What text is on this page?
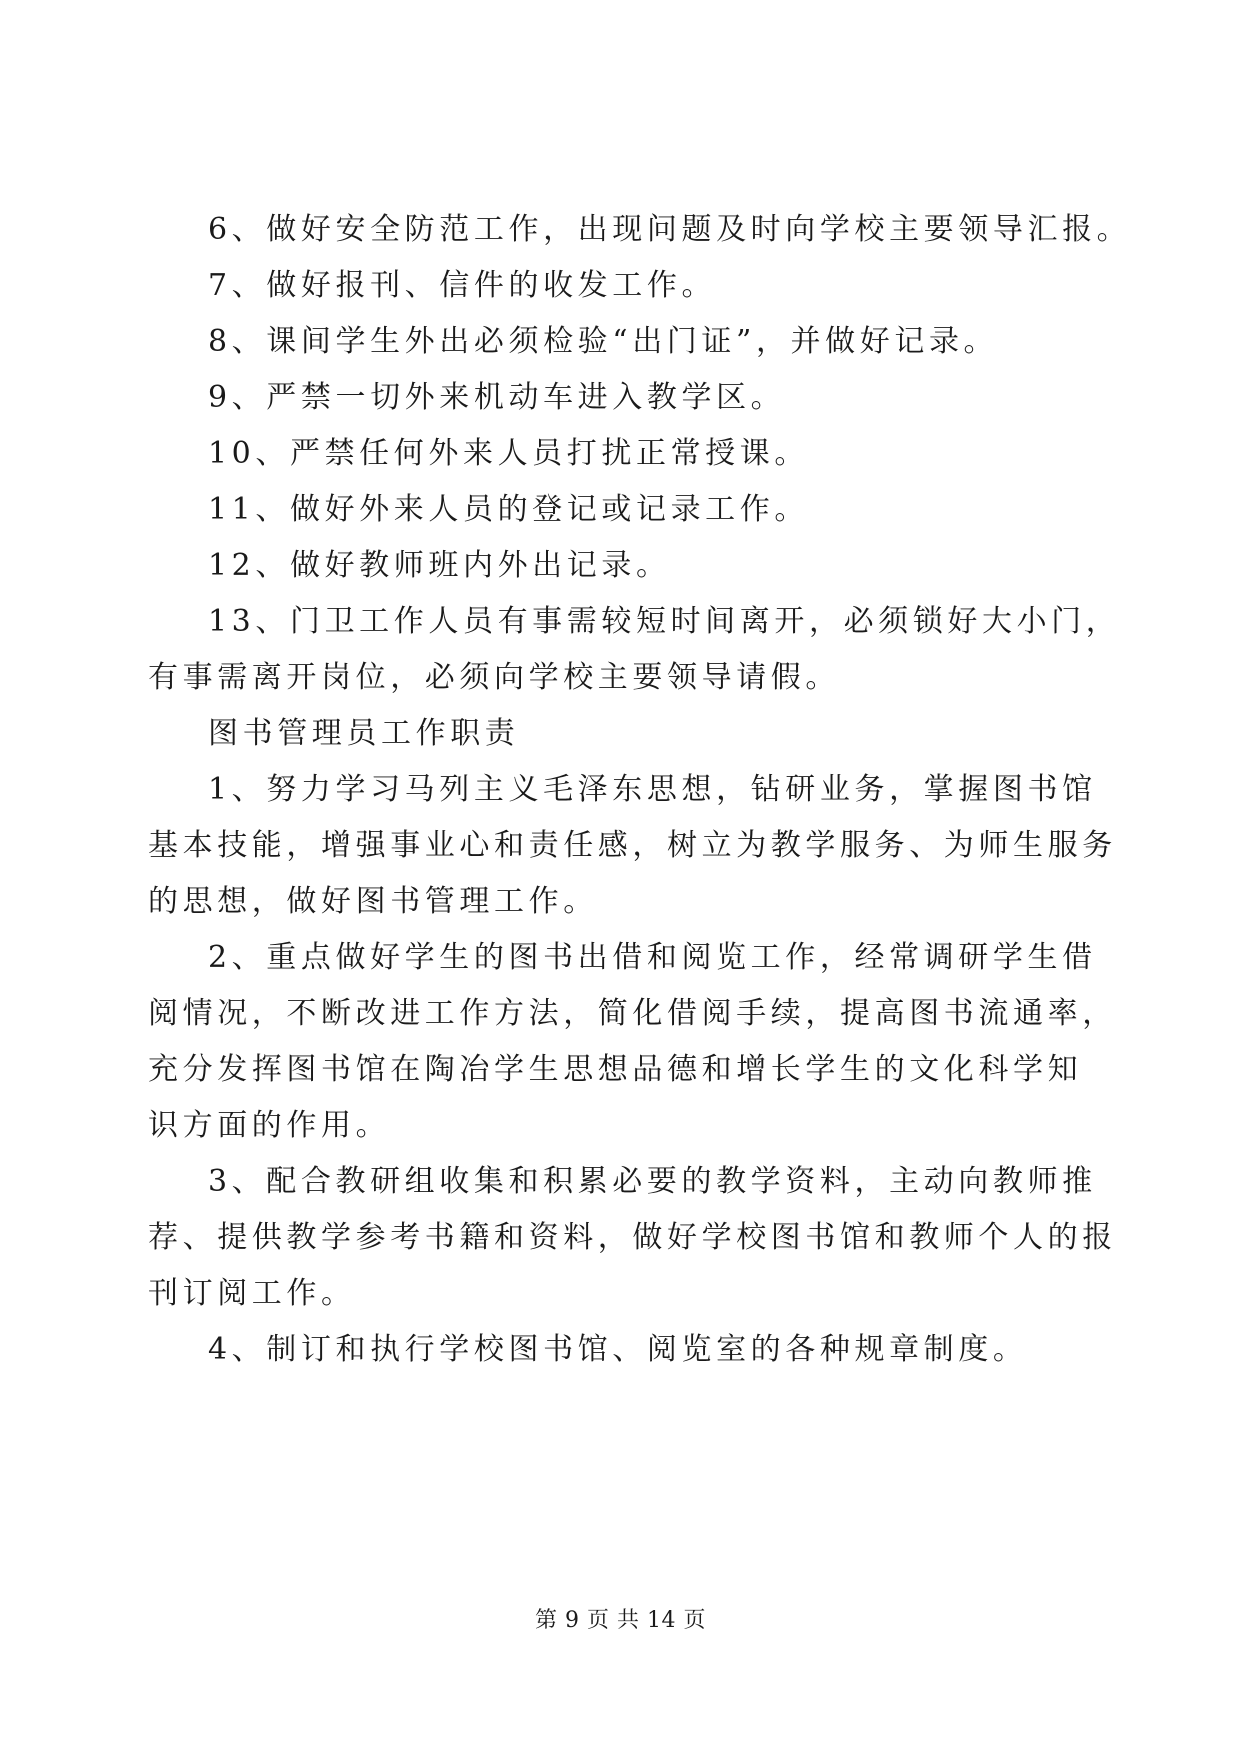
6、做好安全防范工作，出现问题及时向学校主要领导汇报。
7、做好报刊、信件的收发工作。
8、课间学生外出必须检验“出门证”，并做好记录。
9、严禁一切外来机动车进入教学区。
10、严禁任何外来人员打扰正常授课。
11、做好外来人员的登记或记录工作。
12、做好教师班内外出记录。
13、门卫工作人员有事需较短时间离开，必须锁好大小门，
有事需离开岗位，必须向学校主要领导请假。
图书管理员工作职责
1、努力学习马列主义毛泽东思想，钻研业务，掌握图书馆
基本技能，增强事业心和责任感，树立为教学服务、为师生服务
的思想，做好图书管理工作。
2、重点做好学生的图书出借和阅览工作，经常调研学生借
阅情况，不断改进工作方法，简化借阅手续，提高图书流通率，
充分发挥图书馆在陶冶学生思想品德和增长学生的文化科学知
识方面的作用。
3、配合教研组收集和积累必要的教学资料，主动向教师推
荐、提供教学参考书籍和资料，做好学校图书馆和教师个人的报
刊订阅工作。
4、制订和执行学校图书馆、阅览室的各种规章制度。
第 9 页 共 14 页
